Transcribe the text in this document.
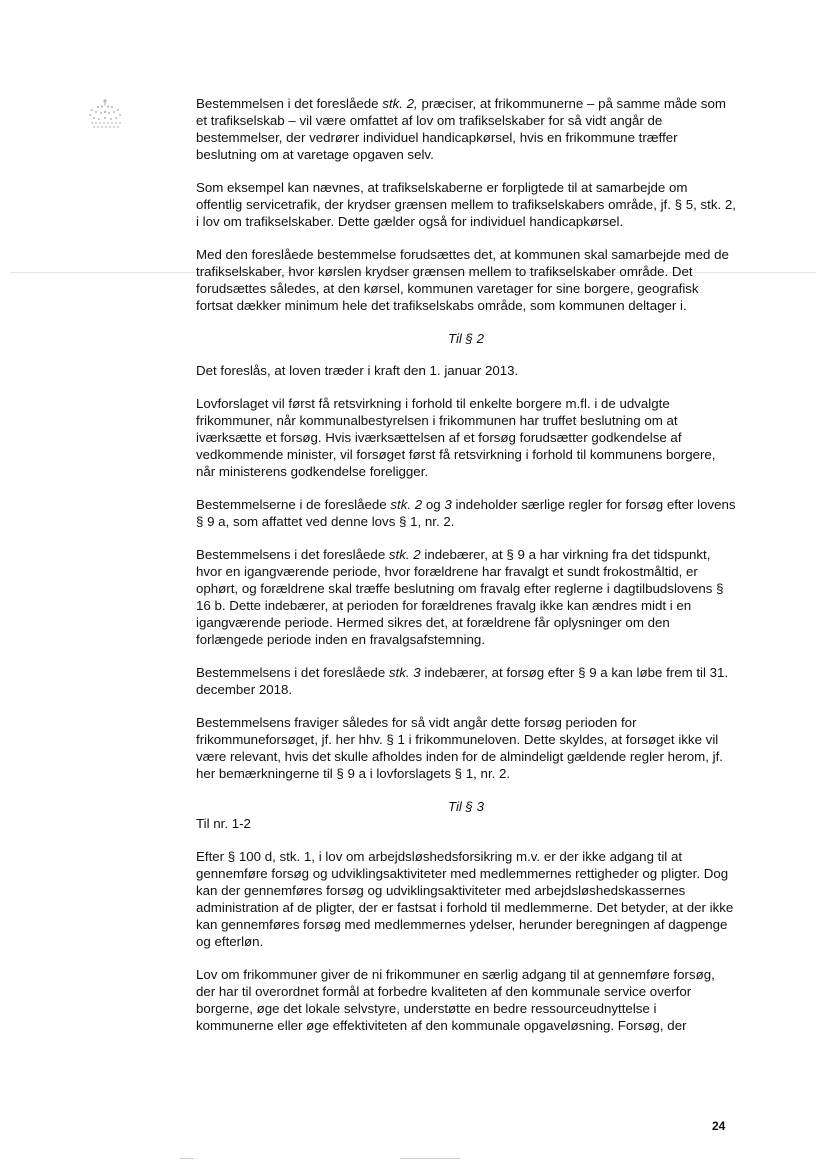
Bestemmelsen i det foreslåede stk. 2, præciser, at frikommunerne – på samme måde som et trafikselskab – vil være omfattet af lov om trafikselskaber for så vidt angår de bestemmelser, der vedrører individuel handicapkørsel, hvis en frikommune træffer beslutning om at varetage opgaven selv.

Som eksempel kan nævnes, at trafikselskaberne er forpligtede til at samarbejde om offentlig servicetrafik, der krydser grænsen mellem to trafikselskabers område, jf. § 5, stk. 2, i lov om trafikselskaber. Dette gælder også for individuel handicapkørsel.

Med den foreslåede bestemmelse forudsættes det, at kommunen skal samarbejde med de trafikselskaber, hvor kørslen krydser grænsen mellem to trafikselskaber område. Det forudsættes således, at den kørsel, kommunen varetager for sine borgere, geografisk fortsat dækker minimum hele det trafikselskabs område, som kommunen deltager i.

Til § 2

Det foreslås, at loven træder i kraft den 1. januar 2013.

Lovforslaget vil først få retsvirkning i forhold til enkelte borgere m.fl. i de udvalgte frikommuner, når kommunalbestyrelsen i frikommunen har truffet beslutning om at iværksætte et forsøg. Hvis iværksættelsen af et forsøg forudsætter godkendelse af vedkommende minister, vil forsøget først få retsvirkning i forhold til kommunens borgere, når ministerens godkendelse foreligger.

Bestemmelserne i de foreslåede stk. 2 og 3 indeholder særlige regler for forsøg efter lovens § 9 a, som affattet ved denne lovs § 1, nr. 2.

Bestemmelsens i det foreslåede stk. 2 indebærer, at § 9 a har virkning fra det tidspunkt, hvor en igangværende periode, hvor forældrene har fravalgt et sundt frokostmåltid, er ophørt, og forældrene skal træffe beslutning om fravalg efter reglerne i dagtilbudslovens § 16 b. Dette indebærer, at perioden for forældrenes fravalg ikke kan ændres midt i en igangværende periode. Hermed sikres det, at forældrene får oplysninger om den forlængede periode inden en fravalgsafstemning.

Bestemmelsens i det foreslåede stk. 3 indebærer, at forsøg efter § 9 a kan løbe frem til 31. december 2018.

Bestemmelsens fraviger således for så vidt angår dette forsøg perioden for frikommuneforsøget, jf. her hhv. § 1 i frikommuneloven. Dette skyldes, at forsøget ikke vil være relevant, hvis det skulle afholdes inden for de almindeligt gældende regler herom, jf. her bemærkningerne til § 9 a i lovforslagets § 1, nr. 2.

Til § 3

Til nr. 1-2

Efter § 100 d, stk. 1, i lov om arbejdsløshedsforsikring m.v. er der ikke adgang til at gennemføre forsøg og udviklingsaktiviteter med medlemmernes rettigheder og pligter. Dog kan der gennemføres forsøg og udviklingsaktiviteter med arbejdsløshedskassernes administration af de pligter, der er fastsat i forhold til medlemmerne. Det betyder, at der ikke kan gennemføres forsøg med medlemmernes ydelser, herunder beregningen af dagpenge og efterløn.

Lov om frikommuner giver de ni frikommuner en særlig adgang til at gennemføre forsøg, der har til overordnet formål at forbedre kvaliteten af den kommunale service overfor borgerne, øge det lokale selvstyre, understøtte en bedre ressourceudnyttelse i kommunerne eller øge effektiviteten af den kommunale opgaveløsning. Forsøg, der

24
